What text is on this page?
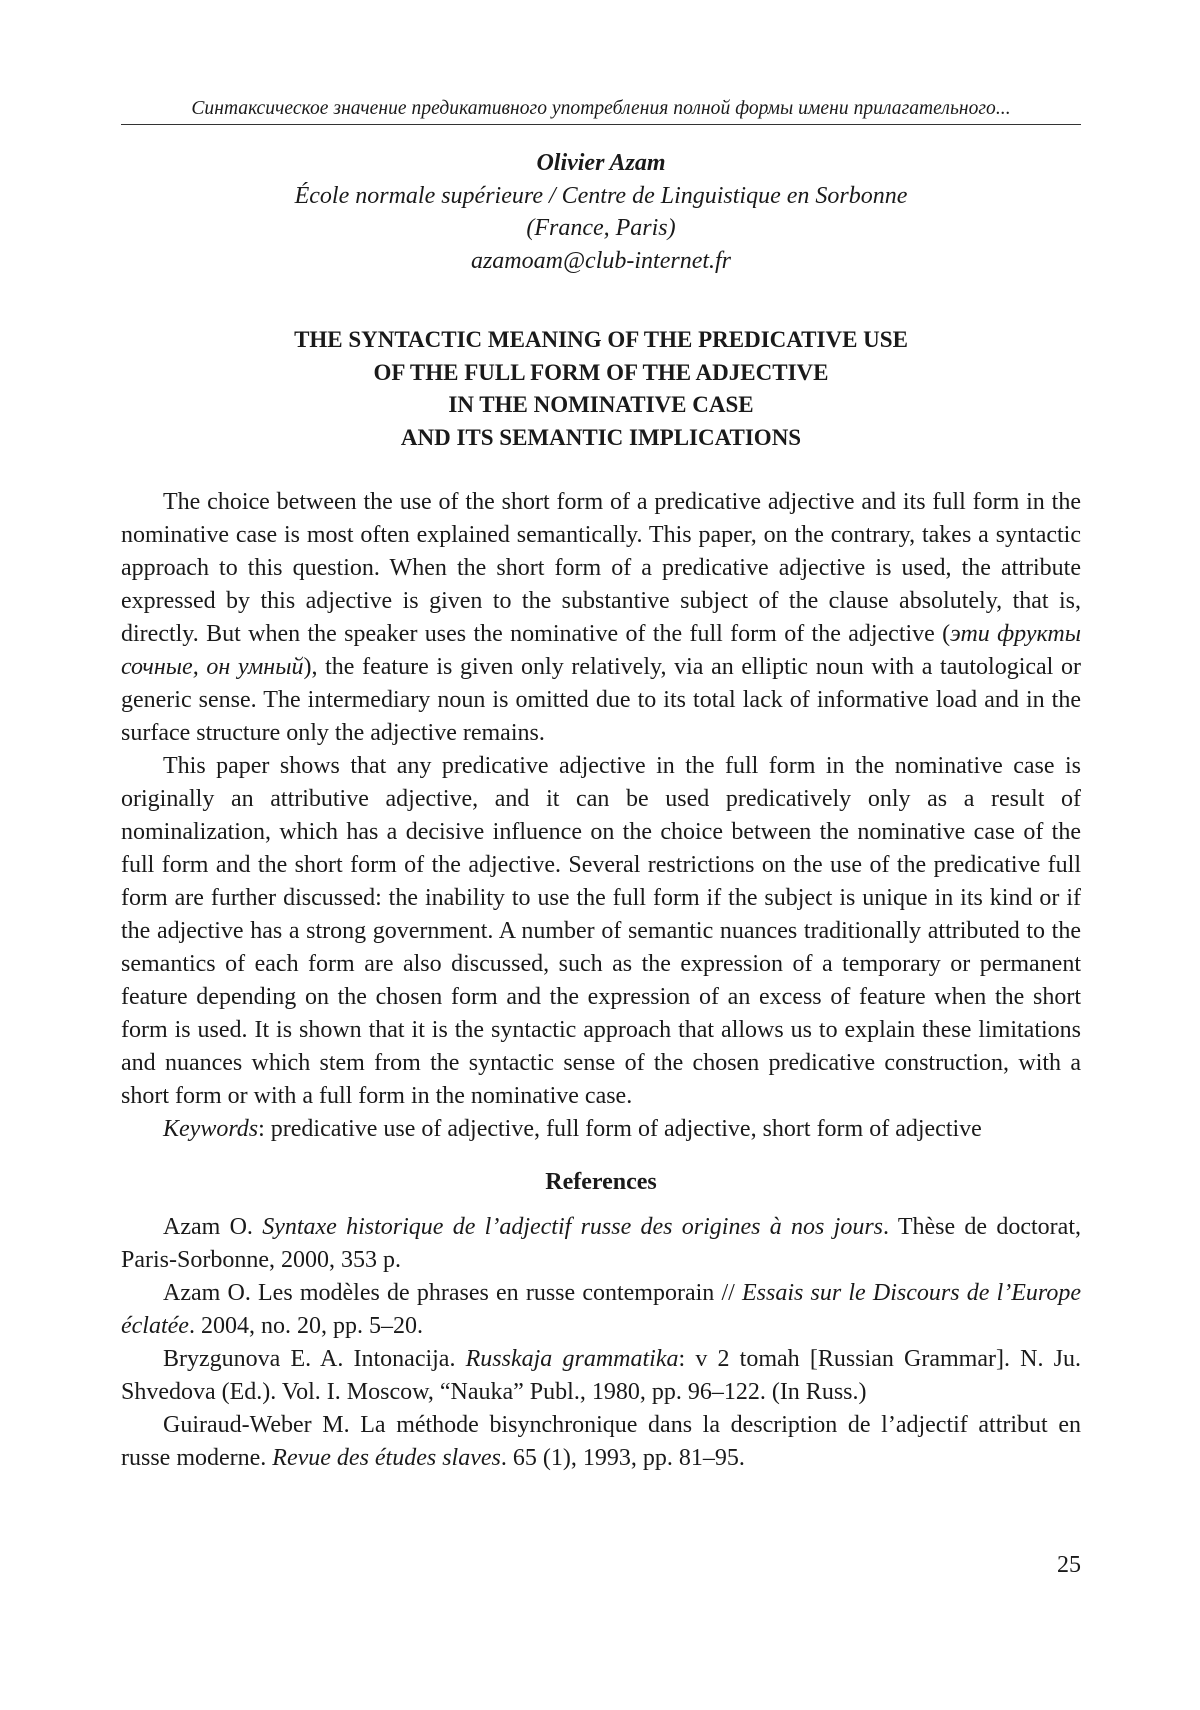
Синтаксическое значение предикативного употребления полной формы имени прилагательного...
Olivier Azam
École normale supérieure / Centre de Linguistique en Sorbonne
(France, Paris)
azamoam@club-internet.fr
THE SYNTACTIC MEANING OF THE PREDICATIVE USE
OF THE FULL FORM OF THE ADJECTIVE
IN THE NOMINATIVE CASE
AND ITS SEMANTIC IMPLICATIONS

The choice between the use of the short form of a predicative adjective and its full form in the nominative case is most often explained semantically. This paper, on the contrary, takes a syntactic approach to this question. When the short form of a predicative adjective is used, the attribute expressed by this adjective is given to the substantive subject of the clause absolutely, that is, directly. But when the speaker uses the nominative of the full form of the adjective (эти фрукты сочные, он умный), the feature is given only relatively, via an elliptic noun with a tautological or generic sense. The intermediary noun is omitted due to its total lack of informative load and in the surface structure only the adjective remains.

This paper shows that any predicative adjective in the full form in the nominative case is originally an attributive adjective, and it can be used predicatively only as a result of nominalization, which has a decisive influence on the choice between the nominative case of the full form and the short form of the adjective. Several restrictions on the use of the predicative full form are further discussed: the inability to use the full form if the subject is unique in its kind or if the adjective has a strong government. A number of semantic nuances traditionally attributed to the semantics of each form are also discussed, such as the expression of a temporary or permanent feature depending on the chosen form and the expression of an excess of feature when the short form is used. It is shown that it is the syntactic approach that allows us to explain these limitations and nuances which stem from the syntactic sense of the chosen predicative construction, with a short form or with a full form in the nominative case.

Keywords: predicative use of adjective, full form of adjective, short form of adjective

References

Azam O. Syntaxe historique de l’adjectif russe des origines à nos jours. Thèse de doctorat, Paris-Sorbonne, 2000, 353 p.

Azam O. Les modèles de phrases en russe contemporain // Essais sur le Discours de l’Europe éclatée. 2004, no. 20, pp. 5–20.

Bryzgunova E. A. Intonacija. Russkaja grammatika: v 2 tomah [Russian Grammar]. N. Ju. Shvedova (Ed.). Vol. I. Moscow, “Nauka” Publ., 1980, pp. 96–122. (In Russ.)

Guiraud-Weber M. La méthode bisynchronique dans la description de l’adjectif attribut en russe moderne. Revue des études slaves. 65 (1), 1993, pp. 81–95.

25
